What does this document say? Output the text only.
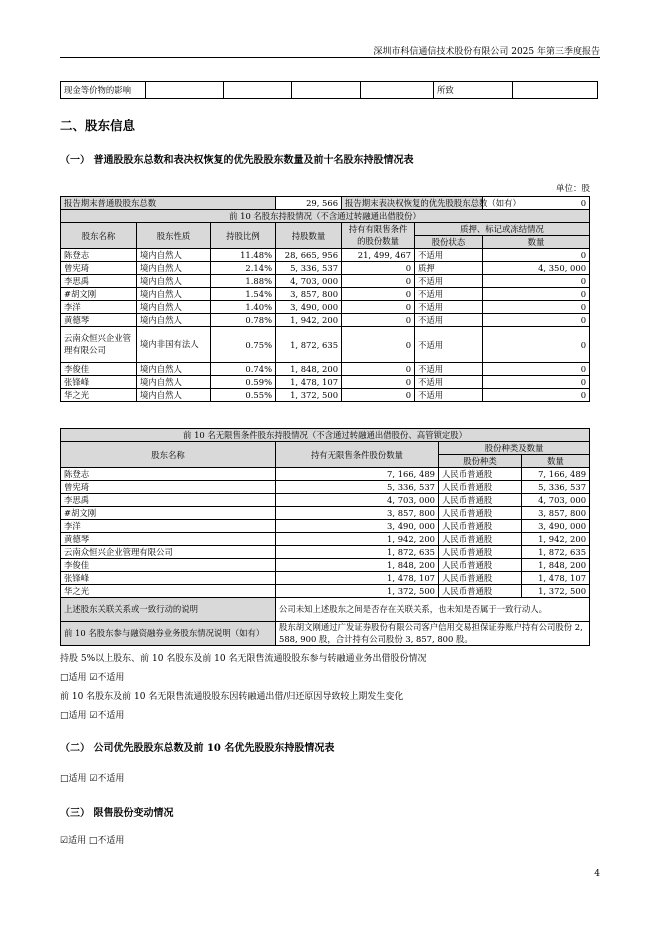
深圳市科信通信技术股份有限公司 2025 年第三季度报告
现金等价物的影响					所致	
二、股东信息
（一） 普通股股东总数和表决权恢复的优先股股东数量及前十名股东持股情况表
单位：股
报告期末普通股股东总数			29, 566	报告期末表决权恢复的优先股股东总数（如有）		0
前 10 名股东持股情况（不含通过转融通出借股份）						
股东名称	股东性质	持股比例	持股数量	持有有限售条件的股份数量	质押、标记或冻结情况	
					股份状态	数量
陈登志	境内自然人	11.48%	28, 665, 956	21, 499, 467	不适用	0
曾宪琦	境内自然人	2.14%	5, 336, 537	0	质押	4, 350, 000
李思禹	境内自然人	1.88%	4, 703, 000	0	不适用	0
#胡文刚	境内自然人	1.54%	3, 857, 800	0	不适用	0
李洋	境内自然人	1.40%	3, 490, 000	0	不适用	0
黄德琴	境内自然人	0.78%	1, 942, 200	0	不适用	0
云南众恒兴企业管理有限公司	境内非国有法人	0.75%	1, 872, 635	0	不适用	0
李俊佳	境内自然人	0.74%	1, 848, 200	0	不适用	0
张锋峰	境内自然人	0.59%	1, 478, 107	0	不适用	0
华之光	境内自然人	0.55%	1, 372, 500	0	不适用	0
前 10 名无限售条件股东持股情况（不含通过转融通出借股份、高管锁定股）			
股东名称	持有无限售条件股份数量	股份种类及数量	
		股份种类	数量
陈登志	7, 166, 489	人民币普通股	7, 166, 489
曾宪琦	5, 336, 537	人民币普通股	5, 336, 537
李思禹	4, 703, 000	人民币普通股	4, 703, 000
#胡文刚	3, 857, 800	人民币普通股	3, 857, 800
李洋	3, 490, 000	人民币普通股	3, 490, 000
黄德琴	1, 942, 200	人民币普通股	1, 942, 200
云南众恒兴企业管理有限公司	1, 872, 635	人民币普通股	1, 872, 635
李俊佳	1, 848, 200	人民币普通股	1, 848, 200
张锋峰	1, 478, 107	人民币普通股	1, 478, 107
华之光	1, 372, 500	人民币普通股	1, 372, 500
上述股东关联关系或一致行动的说明	公司未知上述股东之间是否存在关联关系，也未知是否属于一致行动人。		
前 10 名股东参与融资融券业务股东情况说明（如有）	股东胡文刚通过广发证券股份有限公司客户信用交易担保证券账户持有公司股份 2, 588, 900 股，合计持有公司股份 3, 857, 800 股。		
持股 5%以上股东、前 10 名股东及前 10 名无限售流通股股东参与转融通业务出借股份情况
□适用 ☑不适用
前 10 名股东及前 10 名无限售流通股股东因转融通出借/归还原因导致较上期发生变化
□适用 ☑不适用
（二） 公司优先股股东总数及前 10 名优先股股东持股情况表
□适用 ☑不适用
（三） 限售股份变动情况
☑适用 □不适用
4
